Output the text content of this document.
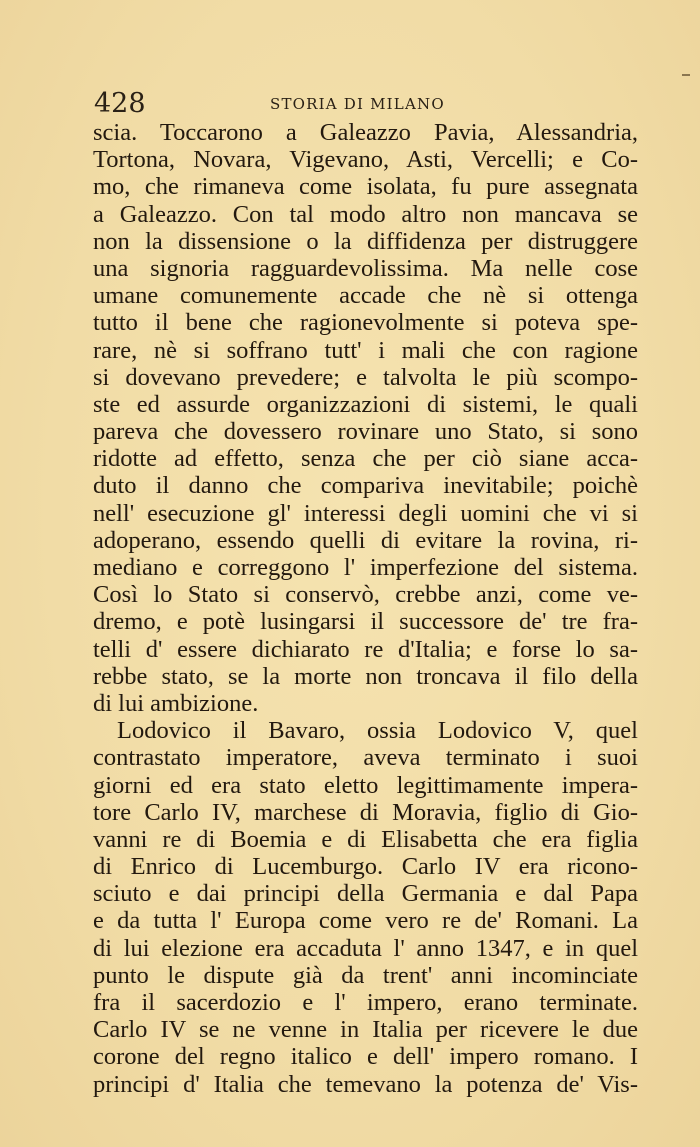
428	STORIA DI MILANO
scia. Toccarono a Galeazzo Pavia, Alessandria,
Tortona, Novara, Vigevano, Asti, Vercelli; e Co-
mo, che rimaneva come isolata, fu pure assegnata
a Galeazzo. Con tal modo altro non mancava se
non la dissensione o la diffidenza per distruggere
una signoria ragguardevolissima. Ma nelle cose
umane comunemente accade che nè si ottenga
tutto il bene che ragionevolmente si poteva spe-
rare, nè si soffrano tutt' i mali che con ragione
si dovevano prevedere; e talvolta le più scompo-
ste ed assurde organizzazioni di sistemi, le quali
pareva che dovessero rovinare uno Stato, si sono
ridotte ad effetto, senza che per ciò siane acca-
duto il danno che compariva inevitabile; poichè
nell' esecuzione gl' interessi degli uomini che vi si
adoperano, essendo quelli di evitare la rovina, ri-
mediano e correggono l' imperfezione del sistema.
Così lo Stato si conservò, crebbe anzi, come ve-
dremo, e potè lusingarsi il successore de' tre fra-
telli d' essere dichiarato re d'Italia; e forse lo sa-
rebbe stato, se la morte non troncava il filo della
di lui ambizione.
Lodovico il Bavaro, ossia Lodovico V, quel
contrastato imperatore, aveva terminato i suoi
giorni ed era stato eletto legittimamente impera-
tore Carlo IV, marchese di Moravia, figlio di Gio-
vanni re di Boemia e di Elisabetta che era figlia
di Enrico di Lucemburgo. Carlo IV era ricono-
sciuto e dai principi della Germania e dal Papa
e da tutta l' Europa come vero re de' Romani. La
di lui elezione era accaduta l' anno 1347, e in quel
punto le dispute già da trent' anni incominciate
fra il sacerdozio e l' impero, erano terminate.
Carlo IV se ne venne in Italia per ricevere le due
corone del regno italico e dell' impero romano. I
principi d' Italia che temevano la potenza de' Vis-
